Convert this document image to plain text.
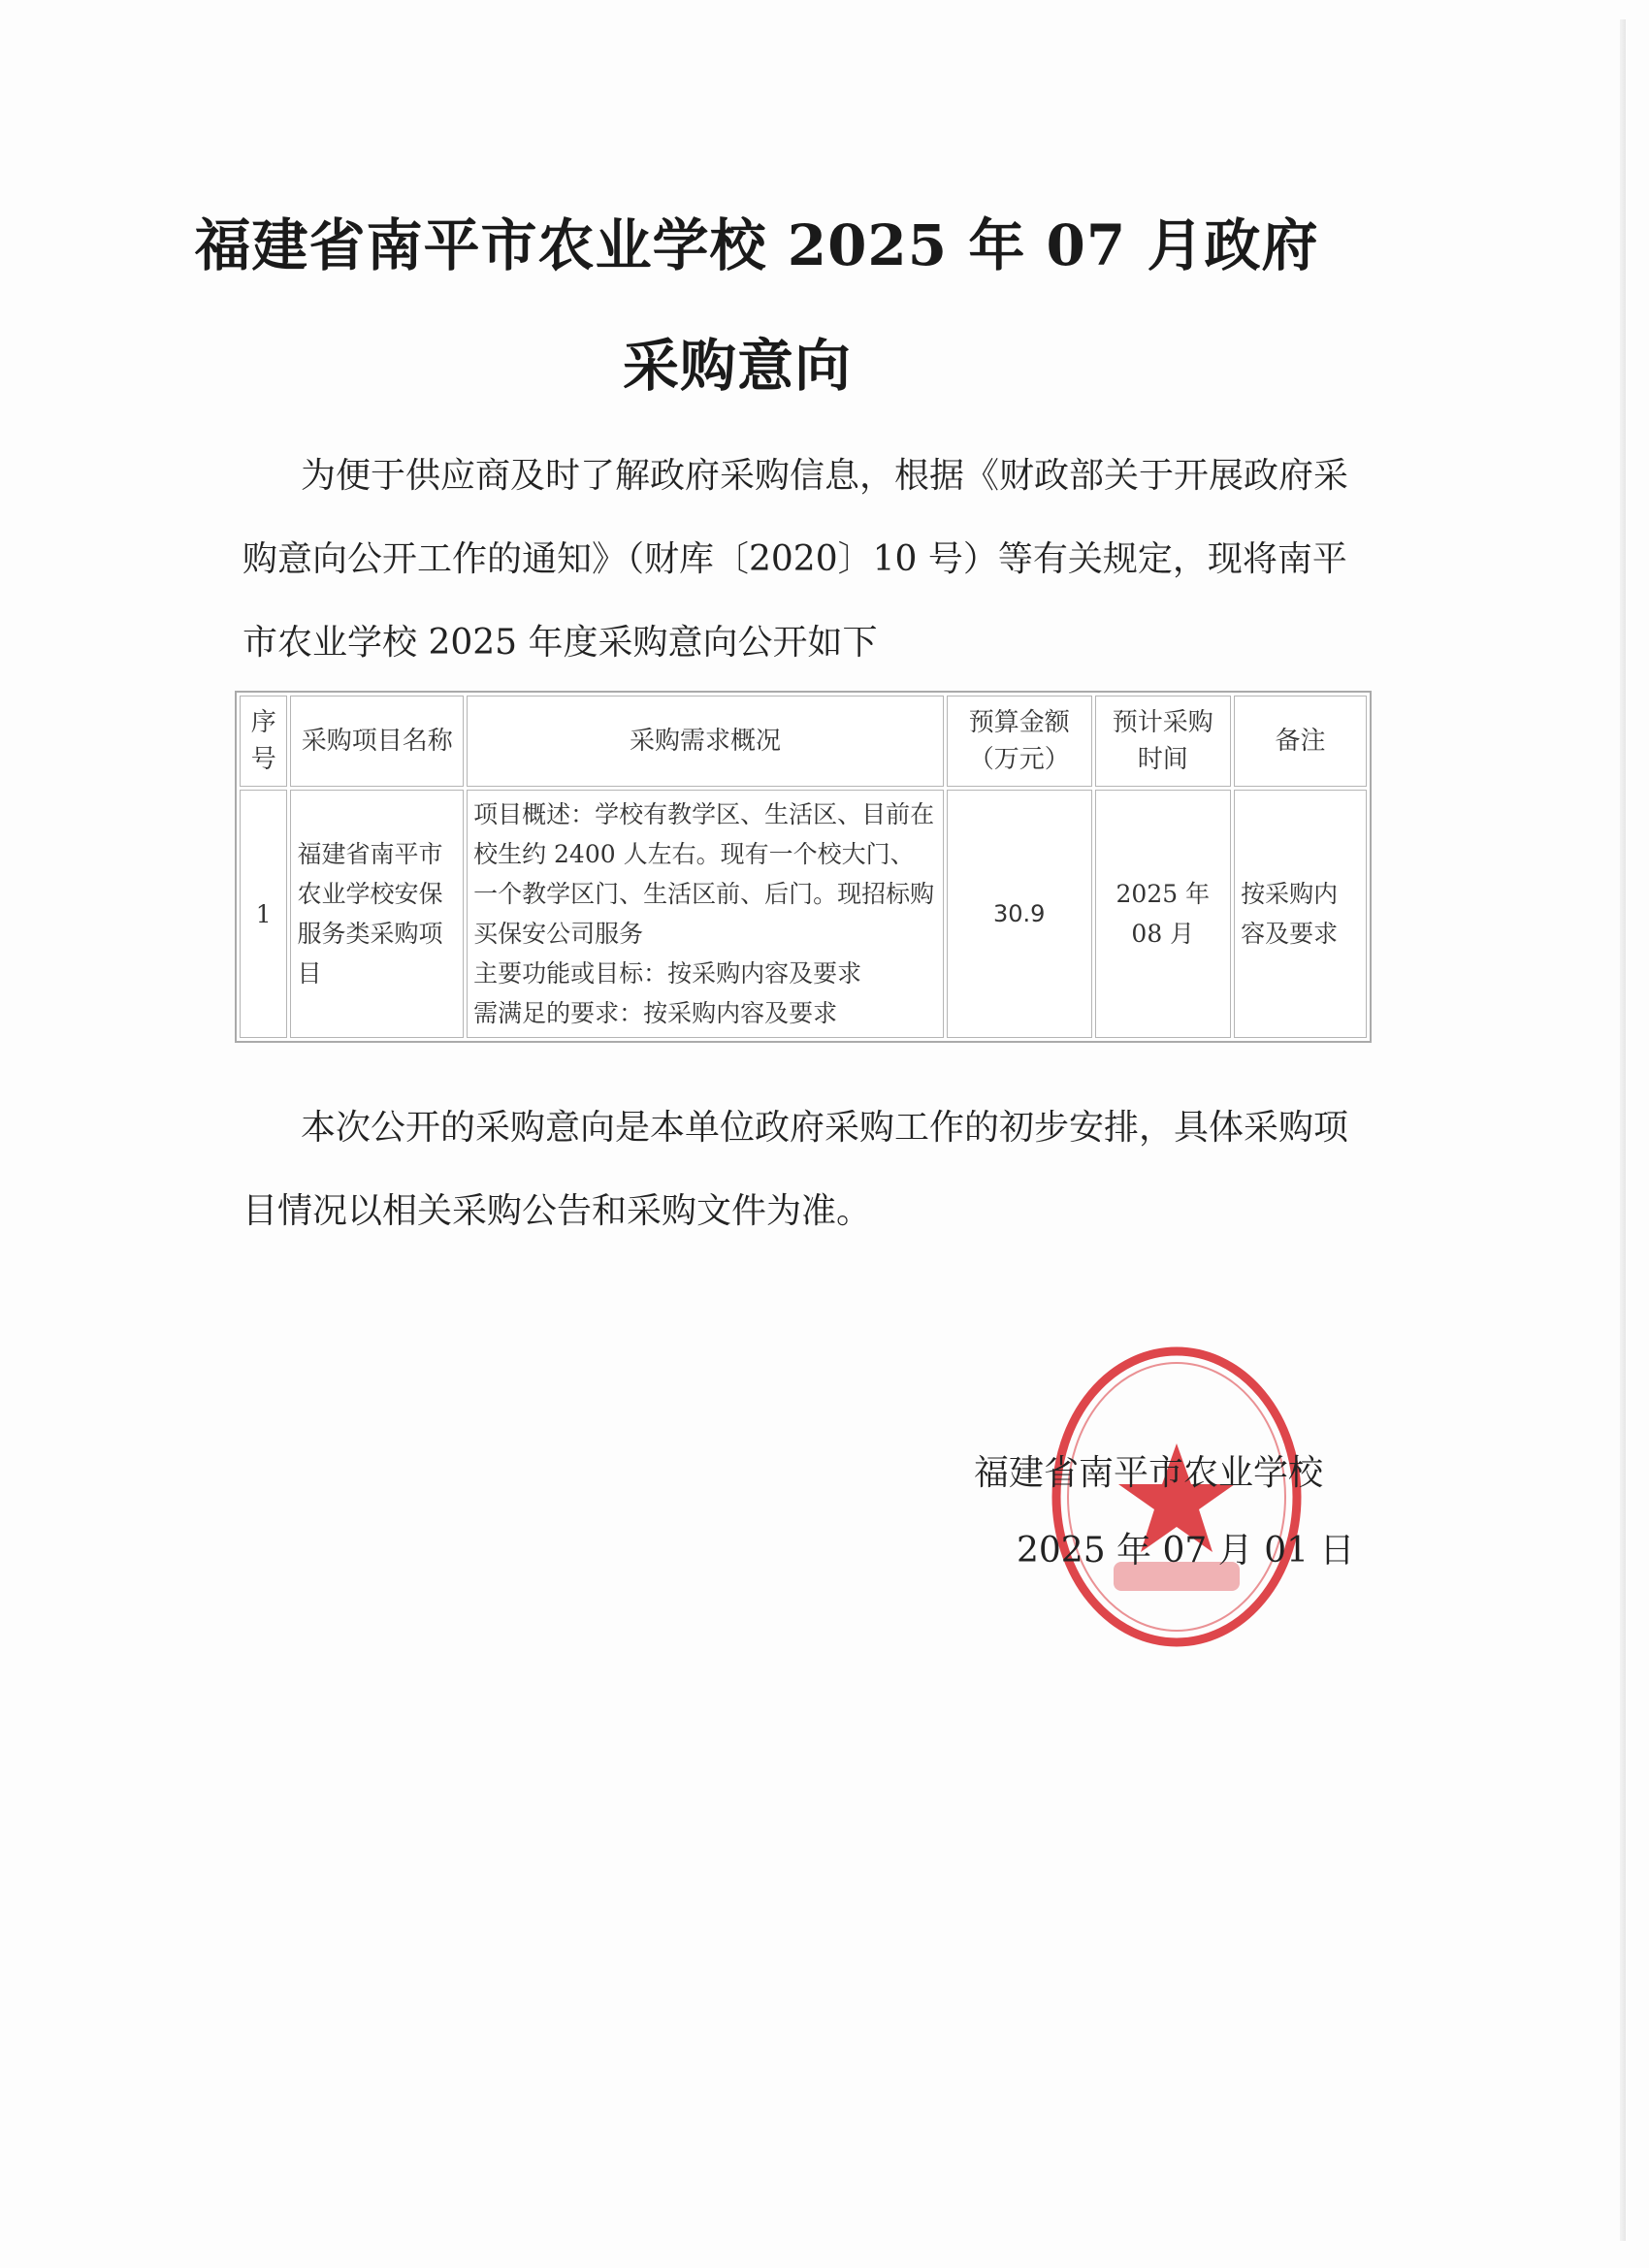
福建省南平市农业学校 2025 年 07 月政府
采购意向

为便于供应商及时了解政府采购信息，根据《财政部关于开展政府采购意向公开工作的通知》（财库〔2020〕10 号）等有关规定，现将南平市农业学校 2025 年度采购意向公开如下

序号	采购项目名称	采购需求概况	预算金额（万元）	预计采购时间	备注
1	福建省南平市农业学校安保服务类采购项目	项目概述：学校有教学区、生活区、目前在校生约 2400 人左右。现有一个校大门、一个教学区门、生活区前、后门。现招标购买保安公司服务
主要功能或目标：按采购内容及要求
需满足的要求：按采购内容及要求	30.9	2025 年 08 月	按采购内容及要求

本次公开的采购意向是本单位政府采购工作的初步安排，具体采购项目情况以相关采购公告和采购文件为准。

福建省南平市农业学校

2025 年 07 月 01 日
